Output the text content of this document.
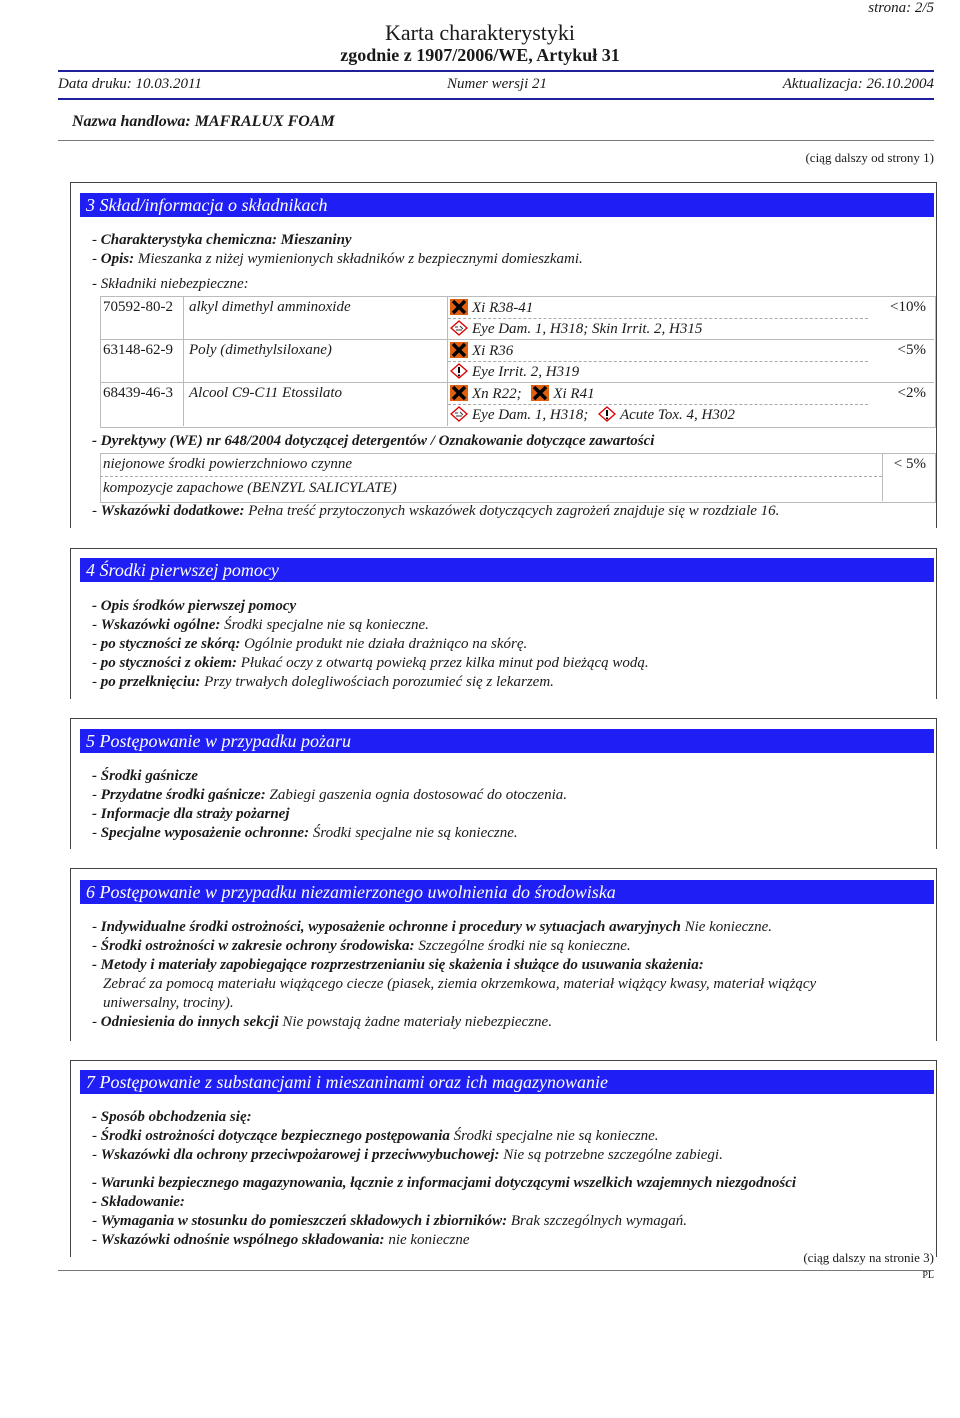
strona: 2/5
Karta charakterystyki
zgodnie z 1907/2006/WE, Artykuł 31
Data druku: 10.03.2011	Numer wersji 21	Aktualizacja: 26.10.2004
Nazwa handlowa: MAFRALUX FOAM
(ciąg dalszy od strony 1)
3 Skład/informacja o składnikach
- Charakterystyka chemiczna: Mieszaniny
- Opis: Mieszanka z niżej wymienionych składników z bezpiecznymi domieszkami.
- Składniki niebezpieczne:
70592-80-2 alkyl dimethyl amminoxide	Xi R38-41	<10%
Eye Dam. 1, H318; Skin Irrit. 2, H315
63148-62-9 Poly (dimethylsiloxane)	Xi R36	<5%
Eye Irrit. 2, H319
68439-46-3 Alcool C9-C11 Etossilato	Xn R22; Xi R41	<2%
Eye Dam. 1, H318; Acute Tox. 4, H302
- Dyrektywy (WE) nr 648/2004 dotyczącej detergentów / Oznakowanie dotyczące zawartości
niejonowe środki powierzchniowo czynne	< 5%
kompozycje zapachowe (BENZYL SALICYLATE)
- Wskazówki dodatkowe: Pełna treść przytoczonych wskazówek dotyczących zagrożeń znajduje się w rozdziale 16.
4 Środki pierwszej pomocy
- Opis środków pierwszej pomocy
- Wskazówki ogólne: Środki specjalne nie są konieczne.
- po styczności ze skórą: Ogólnie produkt nie działa drażniąco na skórę.
- po styczności z okiem: Płukać oczy z otwartą powieką przez kilka minut pod bieżącą wodą.
- po przełknięciu: Przy trwałych dolegliwościach porozumieć się z lekarzem.
5 Postępowanie w przypadku pożaru
- Środki gaśnicze
- Przydatne środki gaśnicze: Zabiegi gaszenia ognia dostosować do otoczenia.
- Informacje dla straży pożarnej
- Specjalne wyposażenie ochronne: Środki specjalne nie są konieczne.
6 Postępowanie w przypadku niezamierzonego uwolnienia do środowiska
- Indywidualne środki ostrożności, wyposażenie ochronne i procedury w sytuacjach awaryjnych Nie konieczne.
- Środki ostrożności w zakresie ochrony środowiska: Szczególne środki nie są konieczne.
- Metody i materiały zapobiegające rozprzestrzenianiu się skażenia i służące do usuwania skażenia:
Zebrać za pomocą materiału wiążącego ciecze (piasek, ziemia okrzemkowa, materiał wiążący kwasy, materiał wiążący
uniwersalny, trociny).
- Odniesienia do innych sekcji Nie powstają żadne materiały niebezpieczne.
7 Postępowanie z substancjami i mieszaninami oraz ich magazynowanie
- Sposób obchodzenia się:
- Środki ostrożności dotyczące bezpiecznego postępowania Środki specjalne nie są konieczne.
- Wskazówki dla ochrony przeciwpożarowej i przeciwwybuchowej: Nie są potrzebne szczególne zabiegi.
- Warunki bezpiecznego magazynowania, łącznie z informacjami dotyczącymi wszelkich wzajemnych niezgodności
- Składowanie:
- Wymagania w stosunku do pomieszczeń składowych i zbiorników: Brak szczególnych wymagań.
- Wskazówki odnośnie wspólnego składowania: nie konieczne
(ciąg dalszy na stronie 3)
PL
